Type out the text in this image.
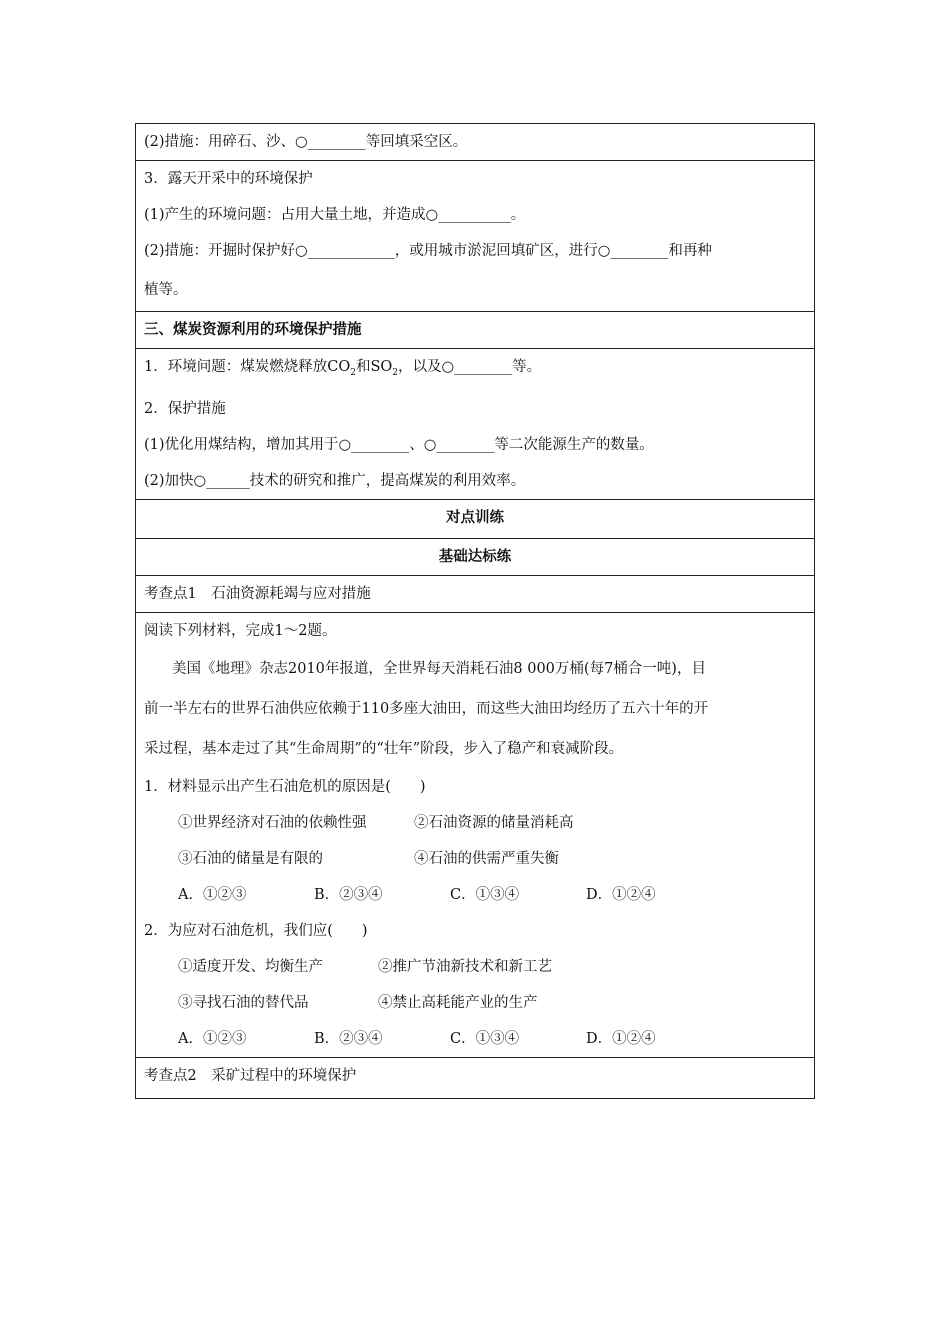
(2)措施：用碎石、沙、○________等回填采空区。

3．露天开采中的环境保护
(1)产生的环境问题：占用大量土地，并造成○__________。
(2)措施：开掘时保护好○____________，或用城市淤泥回填矿区，进行○________和再种
植等。

三、煤炭资源利用的环境保护措施

1．环境问题：煤炭燃烧释放$CO_2$和$SO_2$，以及○________等。
2．保护措施
(1)优化用煤结构，增加其用于○________、○________等二次能源生产的数量。
(2)加快○______技术的研究和推广，提高煤炭的利用效率。

对点训练

基础达标练

考查点1　石油资源耗竭与应对措施

阅读下列材料，完成1～2题。
美国《地理》杂志2010年报道，全世界每天消耗石油8 000万桶(每7桶合一吨)，目
前一半左右的世界石油供应依赖于110多座大油田，而这些大油田均经历了五六十年的开
采过程，基本走过了其“生命周期”的“壮年”阶段，步入了稳产和衰减阶段。
1．材料显示出产生石油危机的原因是(　　)
①世界经济对石油的依赖性强	②石油资源的储量消耗高
③石油的储量是有限的	④石油的供需严重失衡
A．①②③	B．②③④	C．①③④	D．①②④
2．为应对石油危机，我们应(　　)
①适度开发、均衡生产	②推广节油新技术和新工艺
③寻找石油的替代品	④禁止高耗能产业的生产
A．①②③	B．②③④	C．①③④	D．①②④

考查点2　采矿过程中的环境保护
